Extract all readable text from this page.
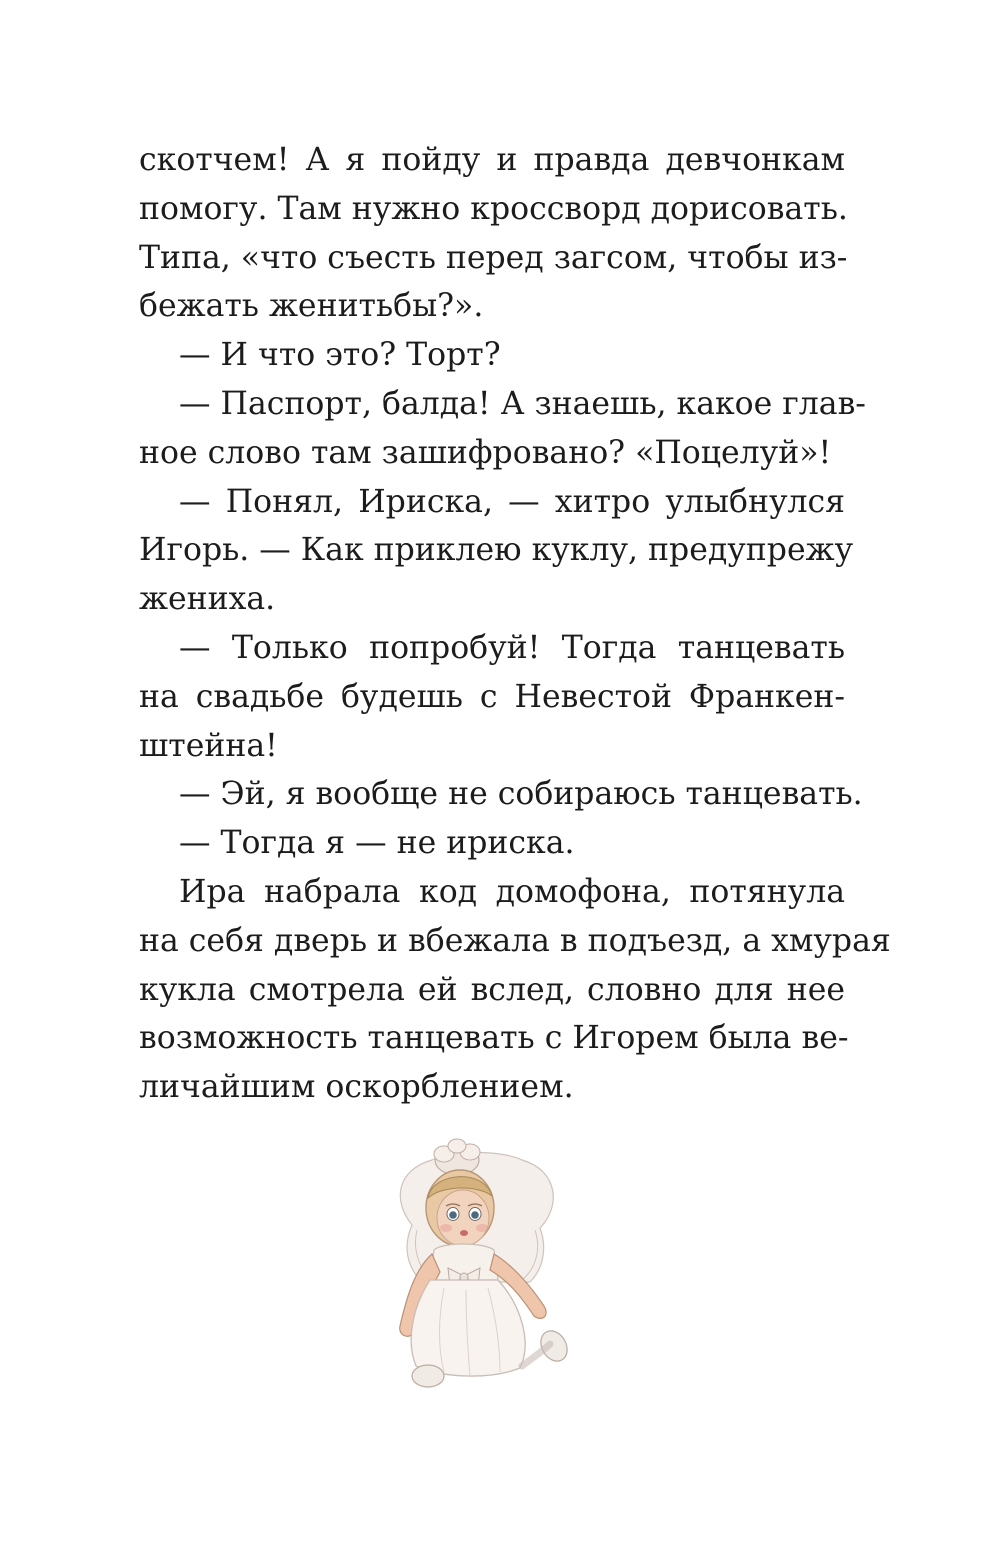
скотчем! А я пойду и правда девчонкам
помогу. Там нужно кроссворд дорисовать.
Типа, «что съесть перед загсом, чтобы из-
бежать женитьбы?».
— И что это? Торт?
— Паспорт, балда! А знаешь, какое глав-
ное слово там зашифровано? «Поцелуй»!
— Понял, Ириска, — хитро улыбнулся
Игорь. — Как приклею куклу, предупрежу
жениха.
— Только попробуй! Тогда танцевать
на свадьбе будешь с Невестой Франкен-
штейна!
— Эй, я вообще не собираюсь танцевать.
— Тогда я — не ириска.
Ира набрала код домофона, потянула
на себя дверь и вбежала в подъезд, а хмурая
кукла смотрела ей вслед, словно для нее
возможность танцевать с Игорем была ве-
личайшим оскорблением.
